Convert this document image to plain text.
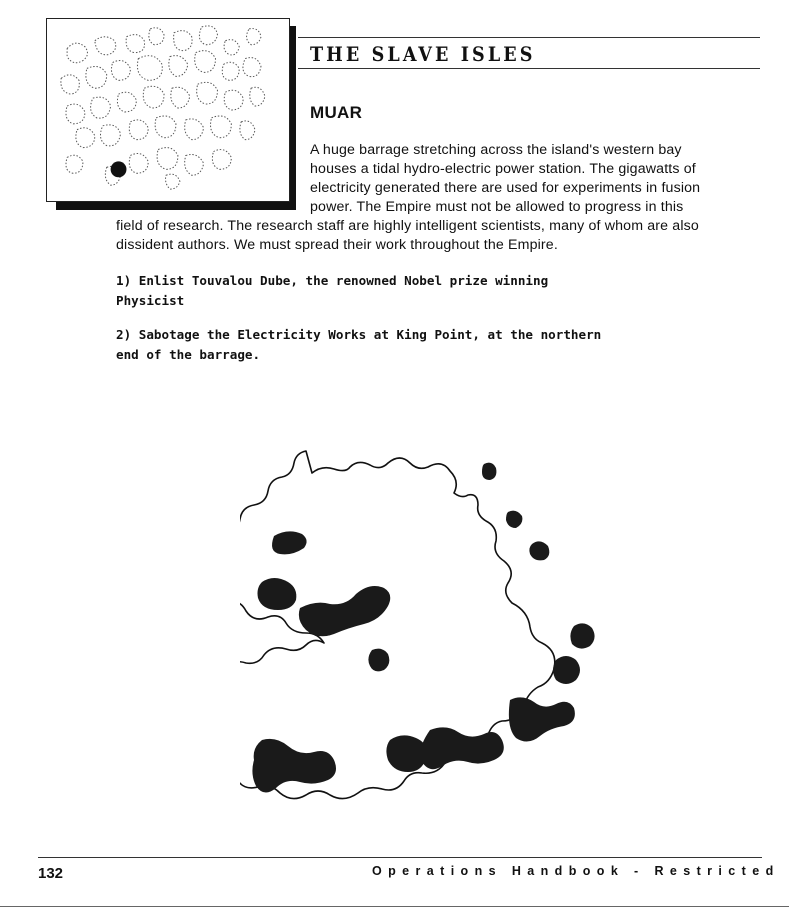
THE SLAVE ISLES
MUAR
A huge barrage stretching across the island's western bay
houses a tidal hydro-electric power station. The gigawatts of
electricity generated there are used for experiments in fusion
power. The Empire must not be allowed to progress in this
field of research. The research staff are highly intelligent scientists, many of whom are also
dissident authors. We must spread their work throughout the Empire.
1) Enlist Touvalou Dube, the renowned Nobel prize winning
Physicist
2) Sabotage the Electricity Works at King Point, at the northern
end of the barrage.
132	Operations Handbook - Restricted
